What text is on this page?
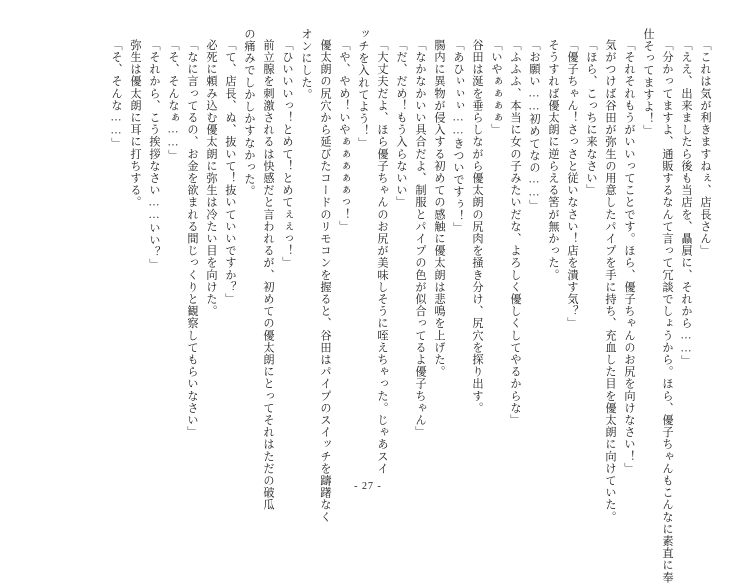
「これは気が利きますねぇ、店長さん」
「ええ、出来ましたら後も当店を、贔屓に、それから……」
「分かってますよ、通販するなんて言って冗談でしょうから。ほら、優子ちゃんもこんなに素直に奉
仕そってますよ！」
「それそれもうがいいってことです。ほら、優子ちゃんのお尻を向けなさい！」
気がつけば谷田が弥生の用意したパイプを手に持ち、充血した目を優太朗に向けていた。
「ほら、こっちに来なさい」
「優子ちゃん！さっさと従いなさい！店を潰す気？」
そうすれば優太朗に逆らえる筈が無かった。
「お願い……初めてなの……」
「ふふふ、本当に女の子みたいだな、よろしく優しくしてやるからな」
「いやぁぁぁぁ」
谷田は涎を垂らしながら優太朗の尻肉を掻き分け、尻穴を探り出す。
「あひぃぃぃ……きついですぅ！」
腸内に異物が侵入する初めての感触に優太朗は悲鳴を上げた。
「なかなかいい具合だよ、制服とパイプの色が似合ってるよ優子ちゃん」
「だ、だめ！もう入らないい」
「大丈夫だよ、ほら優子ちゃんのお尻が美味しそうに咥えちゃった。じゃあスイ
ッチを入れてよう！」
「や、やめ！いやぁぁぁぁぁっ！」
優太朗の尻穴から延びたコードのリモコンを握ると、谷田はパイプのスイッチを躊躇なく
オンにした。
「ひいいいっ！とめて！とめてぇぇっ！」
前立腺を刺激されるは快感だと言われるが、初めての優太朗にとってそれはただの破瓜
の痛みでしかしかすなかった。
「て、店長、ぬ、抜いて！抜いていいですか？」
必死に頼み込む優太朗に弥生は冷たい目を向けた。
「なに言ってるの、お金を欲まれる間じっくりと観察してもらいなさい」
「そ、そんなぁ……」
「それから、こう挨拶なさい……いい？」
弥生は優太朗に耳に打ちする。
「そ、そんな……」
- 27 -
